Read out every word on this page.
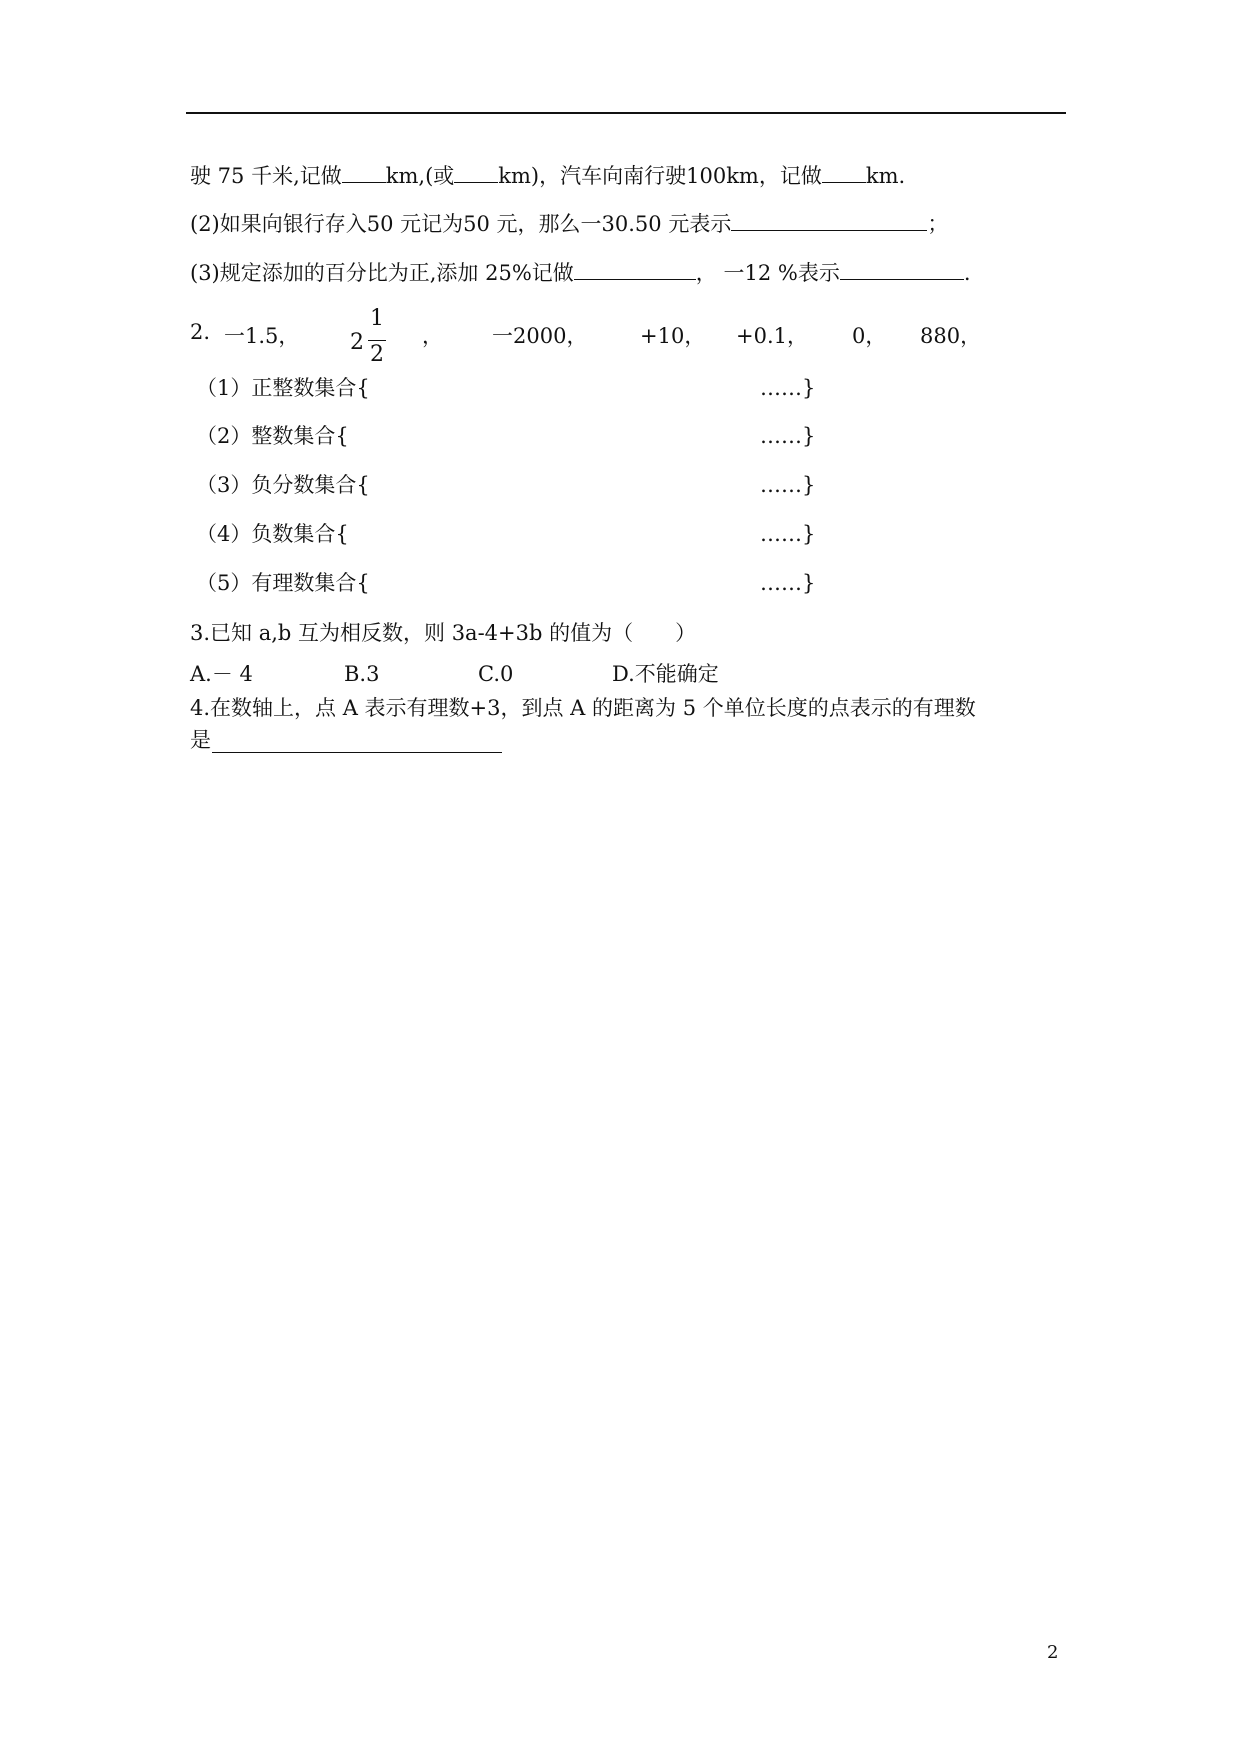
驶 75 千米,记做 km,(或 km)，汽车向南行驶100km，记做 km.
(2)如果向银行存入50 元记为50 元，那么一30.50 元表示	；
(3)规定添加的百分比为正,添加 25%记做	， 一12 %表示	.
2. 一1.5， 2
1
2
， 一2000，	+10， +0.1， 0， 880，
（1）正整数集合{	……}
（2）整数集合{	……}
（3）负分数集合{	……}
（4）负数集合{	……}
（5）有理数集合{	……}
3.已知 a,b 互为相反数，则 3a-4+3b 的值为（　　）
A.－ 4	B.3	C.0	D.不能确定
4.在数轴上，点 A 表示有理数+3，到点 A 的距离为 5 个单位长度的点表示的有理数
是
2
